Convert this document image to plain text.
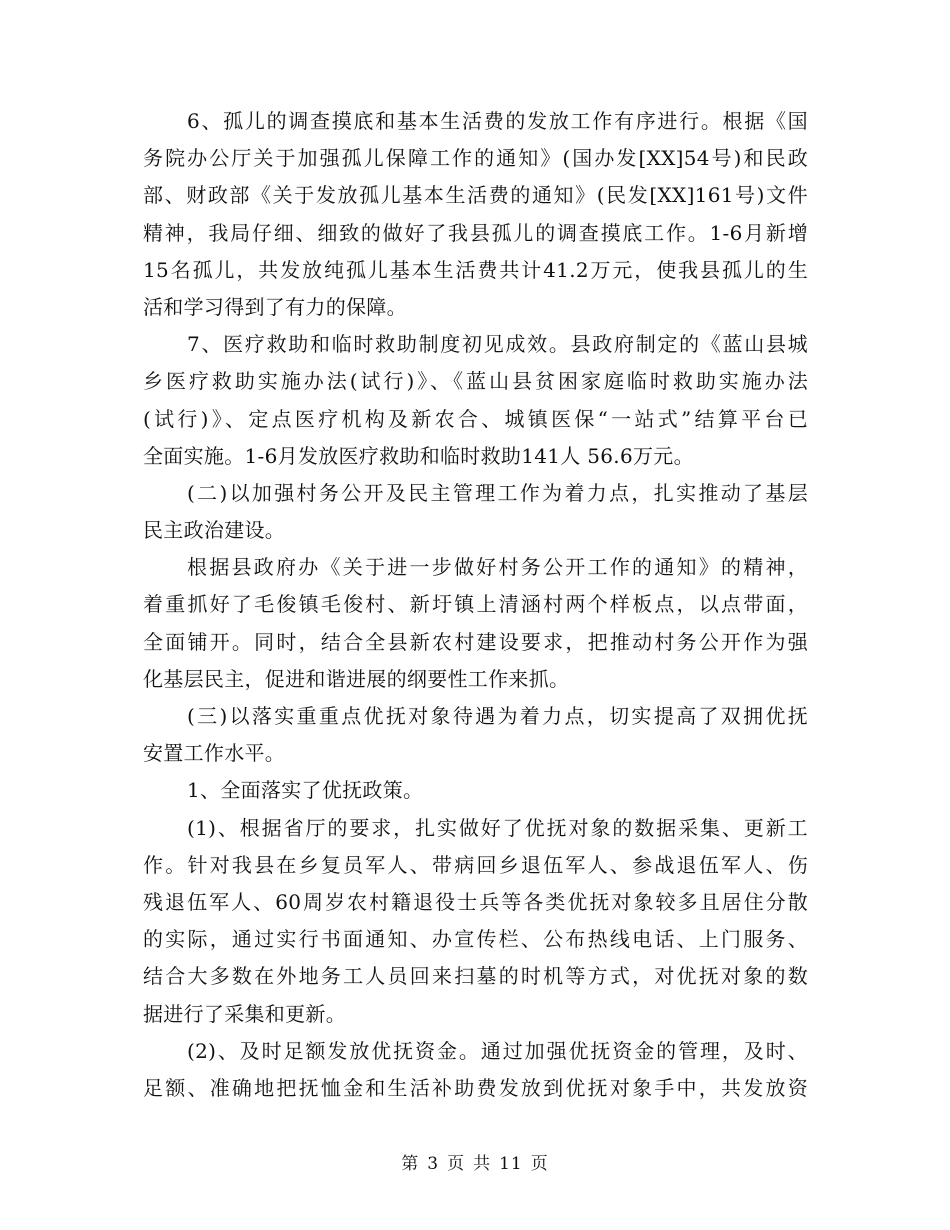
6、孤儿的调查摸底和基本生活费的发放工作有序进行。根据《国
务院办公厅关于加强孤儿保障工作的通知》(国办发[XX]54号)和民政
部、财政部《关于发放孤儿基本生活费的通知》(民发[XX]161号)文件
精神，我局仔细、细致的做好了我县孤儿的调查摸底工作。1-6月新增
15名孤儿，共发放纯孤儿基本生活费共计41.2万元，使我县孤儿的生
活和学习得到了有力的保障。
7、医疗救助和临时救助制度初见成效。县政府制定的《蓝山县城
乡医疗救助实施办法(试行)》、《蓝山县贫困家庭临时救助实施办法
(试行)》、定点医疗机构及新农合、城镇医保“一站式”结算平台已
全面实施。1-6月发放医疗救助和临时救助141人 56.6万元。
(二)以加强村务公开及民主管理工作为着力点，扎实推动了基层
民主政治建设。
根据县政府办《关于进一步做好村务公开工作的通知》的精神，
着重抓好了毛俊镇毛俊村、新圩镇上清涵村两个样板点，以点带面，
全面铺开。同时，结合全县新农村建设要求，把推动村务公开作为强
化基层民主，促进和谐进展的纲要性工作来抓。
(三)以落实重重点优抚对象待遇为着力点，切实提高了双拥优抚
安置工作水平。
1、全面落实了优抚政策。
(1)、根据省厅的要求，扎实做好了优抚对象的数据采集、更新工
作。针对我县在乡复员军人、带病回乡退伍军人、参战退伍军人、伤
残退伍军人、60周岁农村籍退役士兵等各类优抚对象较多且居住分散
的实际，通过实行书面通知、办宣传栏、公布热线电话、上门服务、
结合大多数在外地务工人员回来扫墓的时机等方式，对优抚对象的数
据进行了采集和更新。
(2)、及时足额发放优抚资金。通过加强优抚资金的管理，及时、
足额、准确地把抚恤金和生活补助费发放到优抚对象手中，共发放资
第 3 页 共 11 页
